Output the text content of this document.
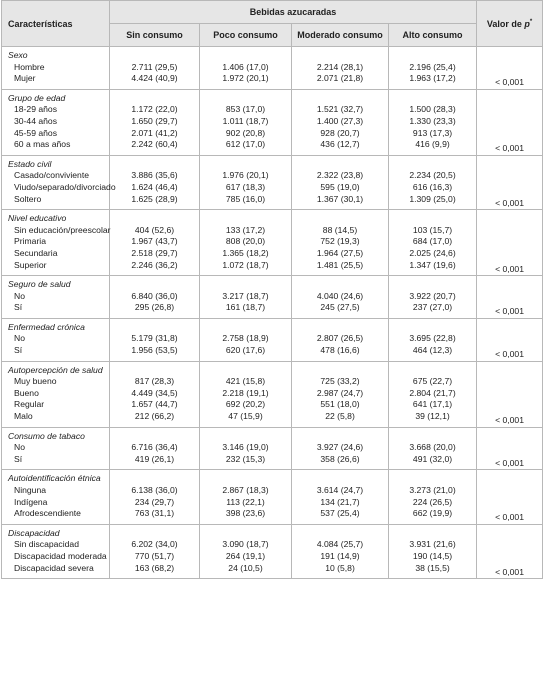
Características	Bebidas azucaradas				Valor de p*
	Sin consumo	Poco consumo	Moderado consumo	Alto consumo	
Sexo					< 0,001
Hombre	2.711 (29,5)	1.406 (17,0)	2.214 (28,1)	2.196 (25,4)	
Mujer	4.424 (40,9)	1.972 (20,1)	2.071 (21,8)	1.963 (17,2)	
Grupo de edad					< 0,001
18-29 años	1.172 (22,0)	853 (17,0)	1.521 (32,7)	1.500 (28,3)	
30-44 años	1.650 (29,7)	1.011 (18,7)	1.400 (27,3)	1.330 (23,3)	
45-59 años	2.071 (41,2)	902 (20,8)	928 (20,7)	913 (17,3)	
60 a mas años	2.242 (60,4)	612 (17,0)	436 (12,7)	416 (9,9)	
Estado civil					< 0,001
Casado/conviviente	3.886 (35,6)	1.976 (20,1)	2.322 (23,8)	2.234 (20,5)	
Viudo/separado/divorciado	1.624 (46,4)	617 (18,3)	595 (19,0)	616 (16,3)	
Soltero	1.625 (28,9)	785 (16,0)	1.367 (30,1)	1.309 (25,0)	
Nivel educativo					< 0,001
Sin educación/preescolar	404 (52,6)	133 (17,2)	88 (14,5)	103 (15,7)	
Primaria	1.967 (43,7)	808 (20,0)	752 (19,3)	684 (17,0)	
Secundaria	2.518 (29,7)	1.365 (18,2)	1.964 (27,5)	2.025 (24,6)	
Superior	2.246 (36,2)	1.072 (18,7)	1.481 (25,5)	1.347 (19,6)	
Seguro de salud					< 0,001
No	6.840 (36,0)	3.217 (18,7)	4.040 (24,6)	3.922 (20,7)	
Sí	295 (26,8)	161 (18,7)	245 (27,5)	237 (27,0)	
Enfermedad crónica					< 0,001
No	5.179 (31,8)	2.758 (18,9)	2.807 (26,5)	3.695 (22,8)	
Sí	1.956 (53,5)	620 (17,6)	478 (16,6)	464 (12,3)	
Autopercepción de salud					< 0,001
Muy bueno	817 (28,3)	421 (15,8)	725 (33,2)	675 (22,7)	
Bueno	4.449 (34,5)	2.218 (19,1)	2.987 (24,7)	2.804 (21,7)	
Regular	1.657 (44,7)	692 (20,2)	551 (18,0)	641 (17,1)	
Malo	212 (66,2)	47 (15,9)	22 (5,8)	39 (12,1)	
Consumo de tabaco					< 0,001
No	6.716 (36,4)	3.146 (19,0)	3.927 (24,6)	3.668 (20,0)	
Sí	419 (26,1)	232 (15,3)	358 (26,6)	491 (32,0)	
Autoidentificación étnica					< 0,001
Ninguna	6.138 (36,0)	2.867 (18,3)	3.614 (24,7)	3.273 (21,0)	
Indígena	234 (29,7)	113 (22,1)	134 (21,7)	224 (26,5)	
Afrodescendiente	763 (31,1)	398 (23,6)	537 (25,4)	662 (19,9)	
Discapacidad					< 0,001
Sin discapacidad	6.202 (34,0)	3.090 (18,7)	4.084 (25,7)	3.931 (21,6)	
Discapacidad moderada	770 (51,7)	264 (19,1)	191 (14,9)	190 (14,5)	
Discapacidad severa	163 (68,2)	24 (10,5)	10 (5,8)	38 (15,5)	
